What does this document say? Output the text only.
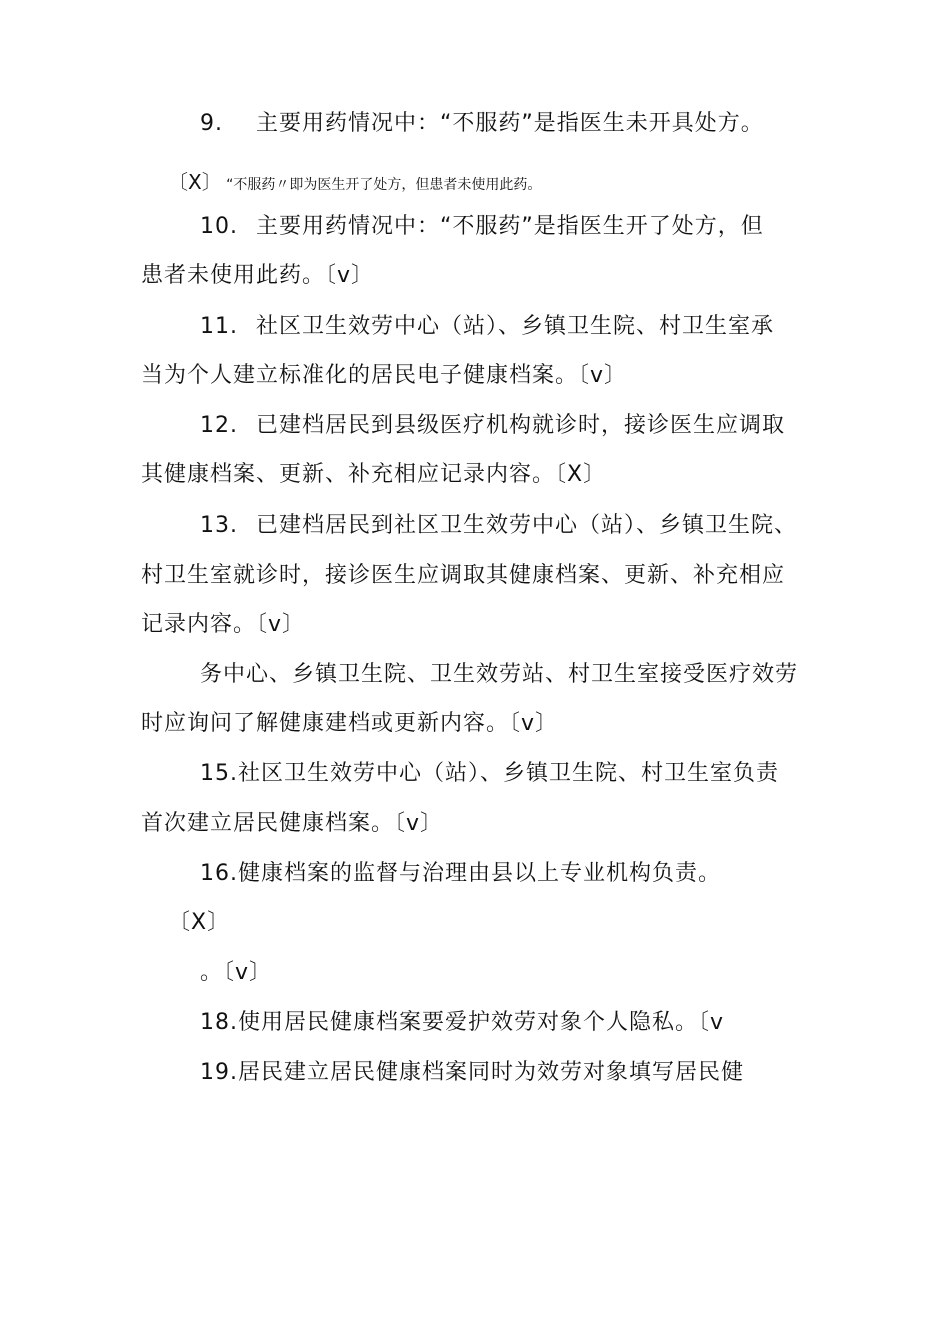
9. 主要用药情况中：“不服药”是指医生未开具处方。
〔X〕 “不服药〃即为医生开了处方，但患者未使用此药。
10. 主要用药情况中：“不服药”是指医生开了处方，但
患者未使用此药。〔v〕
11. 社区卫生效劳中心（站）、乡镇卫生院、村卫生室承
当为个人建立标准化的居民电子健康档案。〔v〕
12. 已建档居民到县级医疗机构就诊时，接诊医生应调取
其健康档案、更新、补充相应记录内容。〔X〕
13. 已建档居民到社区卫生效劳中心（站）、乡镇卫生院、
村卫生室就诊时，接诊医生应调取其健康档案、更新、补充相应
记录内容。〔v〕
务中心、乡镇卫生院、卫生效劳站、村卫生室接受医疗效劳
时应询问了解健康建档或更新内容。〔v〕
15.社区卫生效劳中心（站）、乡镇卫生院、村卫生室负责
首次建立居民健康档案。〔v〕
16.健康档案的监督与治理由县以上专业机构负责。
〔X〕
。〔v〕
18.使用居民健康档案要爱护效劳对象个人隐私。〔v
19.居民建立居民健康档案同时为效劳对象填写居民健
